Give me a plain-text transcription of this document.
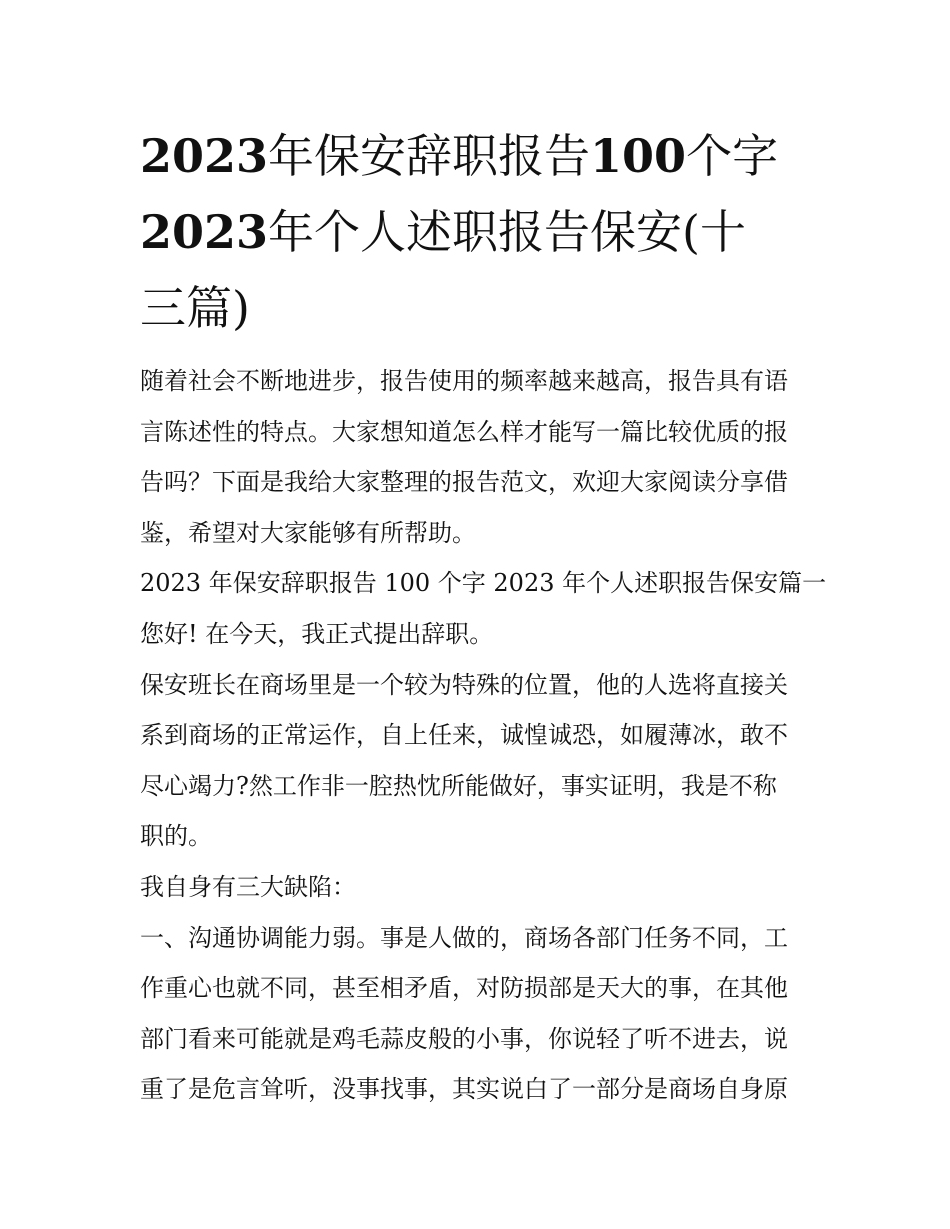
2023年保安辞职报告100个字
2023年个人述职报告保安(十
三篇)

随着社会不断地进步，报告使用的频率越来越高，报告具有语
言陈述性的特点。大家想知道怎么样才能写一篇比较优质的报
告吗？下面是我给大家整理的报告范文，欢迎大家阅读分享借
鉴，希望对大家能够有所帮助。

2023 年保安辞职报告 100 个字 2023 年个人述职报告保安篇一

您好! 在今天，我正式提出辞职。

保安班长在商场里是一个较为特殊的位置，他的人选将直接关
系到商场的正常运作，自上任来，诚惶诚恐，如履薄冰，敢不
尽心竭力?然工作非一腔热忱所能做好，事实证明，我是不称
职的。

我自身有三大缺陷：

一、沟通协调能力弱。事是人做的，商场各部门任务不同，工
作重心也就不同，甚至相矛盾，对防损部是天大的事，在其他
部门看来可能就是鸡毛蒜皮般的小事，你说轻了听不进去，说
重了是危言耸听，没事找事，其实说白了一部分是商场自身原
